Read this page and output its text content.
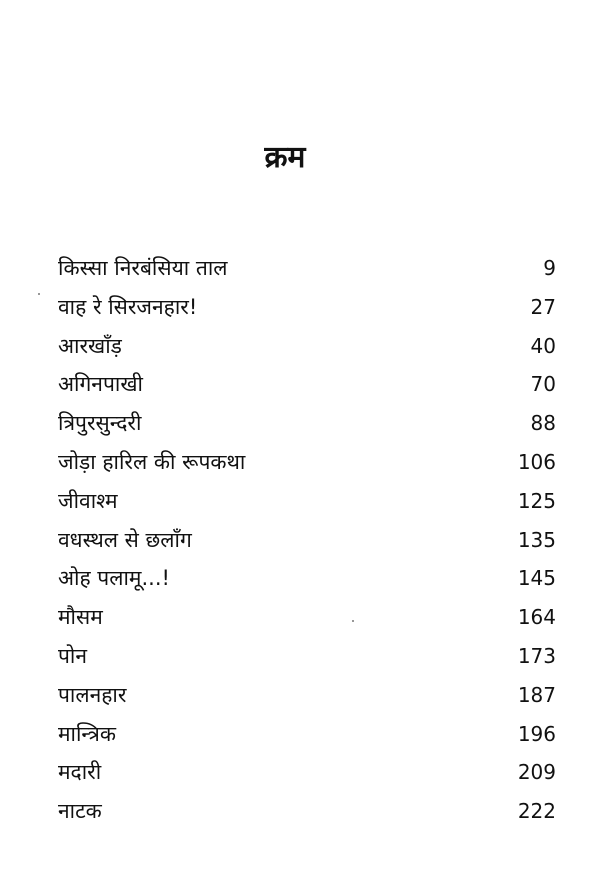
क्रम
किस्सा निरबंसिया ताल	9
वाह रे सिरजनहार!	27
आरखाँड़	40
अगिनपाखी	70
त्रिपुरसुन्दरी	88
जोड़ा हारिल की रूपकथा	106
जीवाश्म	125
वधस्थल से छलाँग	135
ओह पलामू...!	145
मौसम	164
पोन	173
पालनहार	187
मान्त्रिक	196
मदारी	209
नाटक	222
